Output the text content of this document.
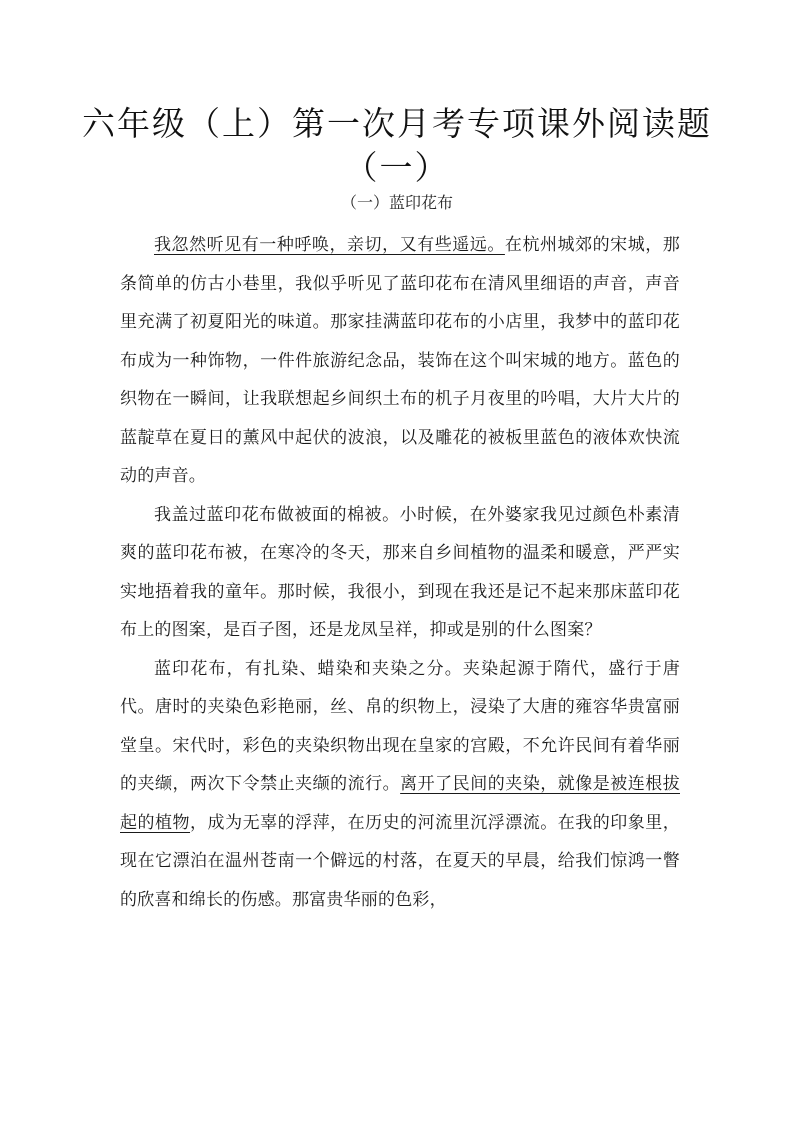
六年级（上）第一次月考专项课外阅读题
（一）
（一）蓝印花布

我忽然听见有一种呼唤，亲切，又有些遥远。在杭州城郊的宋城，那条简单的仿古小巷里，我似乎听见了蓝印花布在清风里细语的声音，声音里充满了初夏阳光的味道。那家挂满蓝印花布的小店里，我梦中的蓝印花布成为一种饰物，一件件旅游纪念品，装饰在这个叫宋城的地方。蓝色的织物在一瞬间，让我联想起乡间织土布的机子月夜里的吟唱，大片大片的蓝靛草在夏日的薰风中起伏的波浪，以及雕花的被板里蓝色的液体欢快流动的声音。

我盖过蓝印花布做被面的棉被。小时候，在外婆家我见过颜色朴素清爽的蓝印花布被，在寒冷的冬天，那来自乡间植物的温柔和暖意，严严实实地捂着我的童年。那时候，我很小，到现在我还是记不起来那床蓝印花布上的图案，是百子图，还是龙凤呈祥，抑或是别的什么图案？

蓝印花布，有扎染、蜡染和夹染之分。夹染起源于隋代，盛行于唐代。唐时的夹染色彩艳丽，丝、帛的织物上，浸染了大唐的雍容华贵富丽堂皇。宋代时，彩色的夹染织物出现在皇家的宫殿，不允许民间有着华丽的夹缬，两次下令禁止夹缬的流行。离开了民间的夹染，就像是被连根拔起的植物，成为无辜的浮萍，在历史的河流里沉浮漂流。在我的印象里，现在它漂泊在温州苍南一个僻远的村落，在夏天的早晨，给我们惊鸿一瞥的欣喜和绵长的伤感。那富贵华丽的色彩，
